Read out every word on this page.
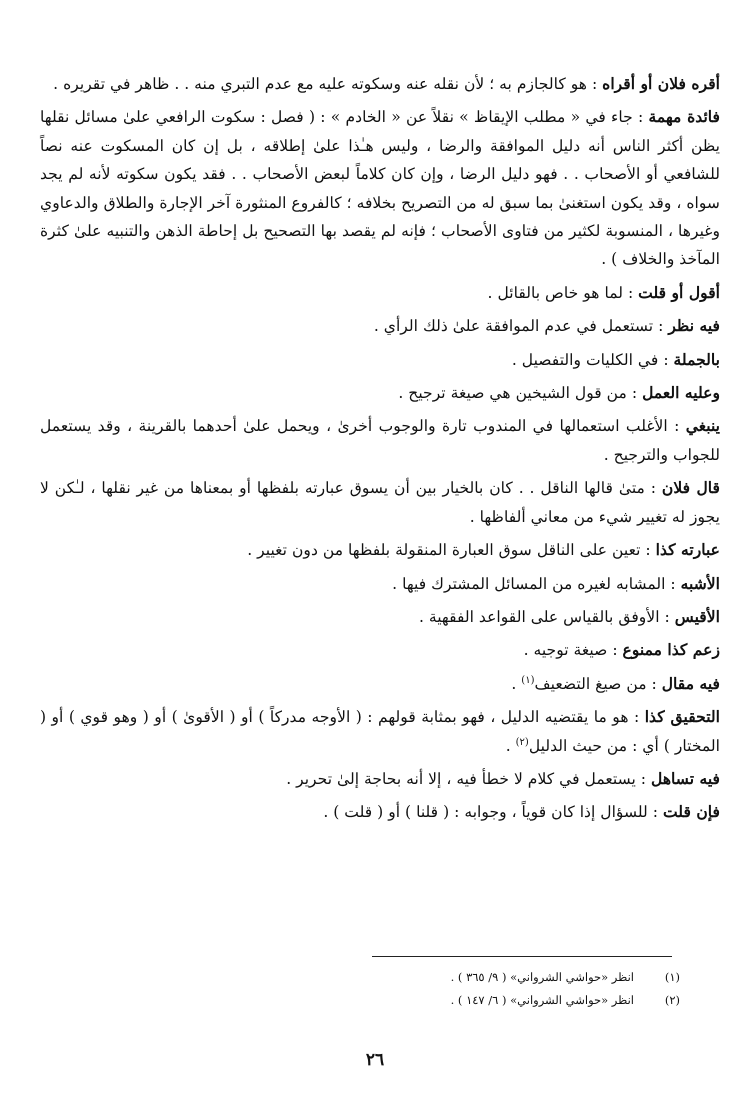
أقره فلان أو أقراه : هو كالجازم به ؛ لأن نقله عنه وسكوته عليه مع عدم التبري منه . . ظاهر في تقريره .

فائدة مهمة : جاء في « مطلب الإيقاظ » نقلاً عن « الخادم » : ( فصل : سكوت الرافعي علىٰ مسائل نقلها يظن أكثر الناس أنه دليل الموافقة والرضا ، وليس هـٰذا علىٰ إطلاقه ، بل إن كان المسكوت عنه نصاً للشافعي أو الأصحاب . . فهو دليل الرضا ، وإن كان كلاماً لبعض الأصحاب . . فقد يكون سكوته لأنه لم يجد سواه ، وقد يكون استغنىٰ بما سبق له من التصريح بخلافه ؛ كالفروع المنثورة آخر الإجارة والطلاق والدعاوي وغيرها ، المنسوبة لكثير من فتاوى الأصحاب ؛ فإنه لم يقصد بها التصحيح بل إحاطة الذهن والتنبيه علىٰ كثرة المآخذ والخلاف ) .

أقول أو قلت : لما هو خاص بالقائل .

فيه نظر : تستعمل في عدم الموافقة علىٰ ذلك الرأي .

بالجملة : في الكليات والتفصيل .

وعليه العمل : من قول الشيخين هي صيغة ترجيح .

ينبغي : الأغلب استعمالها في المندوب تارة والوجوب أخرىٰ ، ويحمل علىٰ أحدهما بالقرينة ، وقد يستعمل للجواب والترجيح .

قال فلان : متىٰ قالها الناقل . . كان بالخيار بين أن يسوق عبارته بلفظها أو بمعناها من غير نقلها ، لـٰكن لا يجوز له تغيير شيء من معاني ألفاظها .

عبارته كذا : تعين على الناقل سوق العبارة المنقولة بلفظها من دون تغيير .

الأشبه : المشابه لغيره من المسائل المشترك فيها .

الأقيس : الأوفق بالقياس على القواعد الفقهية .

زعم كذا ممنوع : صيغة توجيه .

فيه مقال : من صيغ التضعيف$^{(١)}$ .

التحقيق كذا : هو ما يقتضيه الدليل ، فهو بمثابة قولهم : ( الأوجه مدركاً ) أو ( الأقوىٰ ) أو ( وهو قوي ) أو ( المختار ) أي : من حيث الدليل$^{(٢)}$ .

فيه تساهل : يستعمل في كلام لا خطأ فيه ، إلا أنه بحاجة إلىٰ تحرير .

فإن قلت : للسؤال إذا كان قوياً ، وجوابه : ( قلنا ) أو ( قلت ) .

(١)انظر «حواشي الشرواني» ( ٩/ ٣٦٥ ) .

(٢)انظر «حواشي الشرواني» ( ٦/ ١٤٧ ) .

٢٦
